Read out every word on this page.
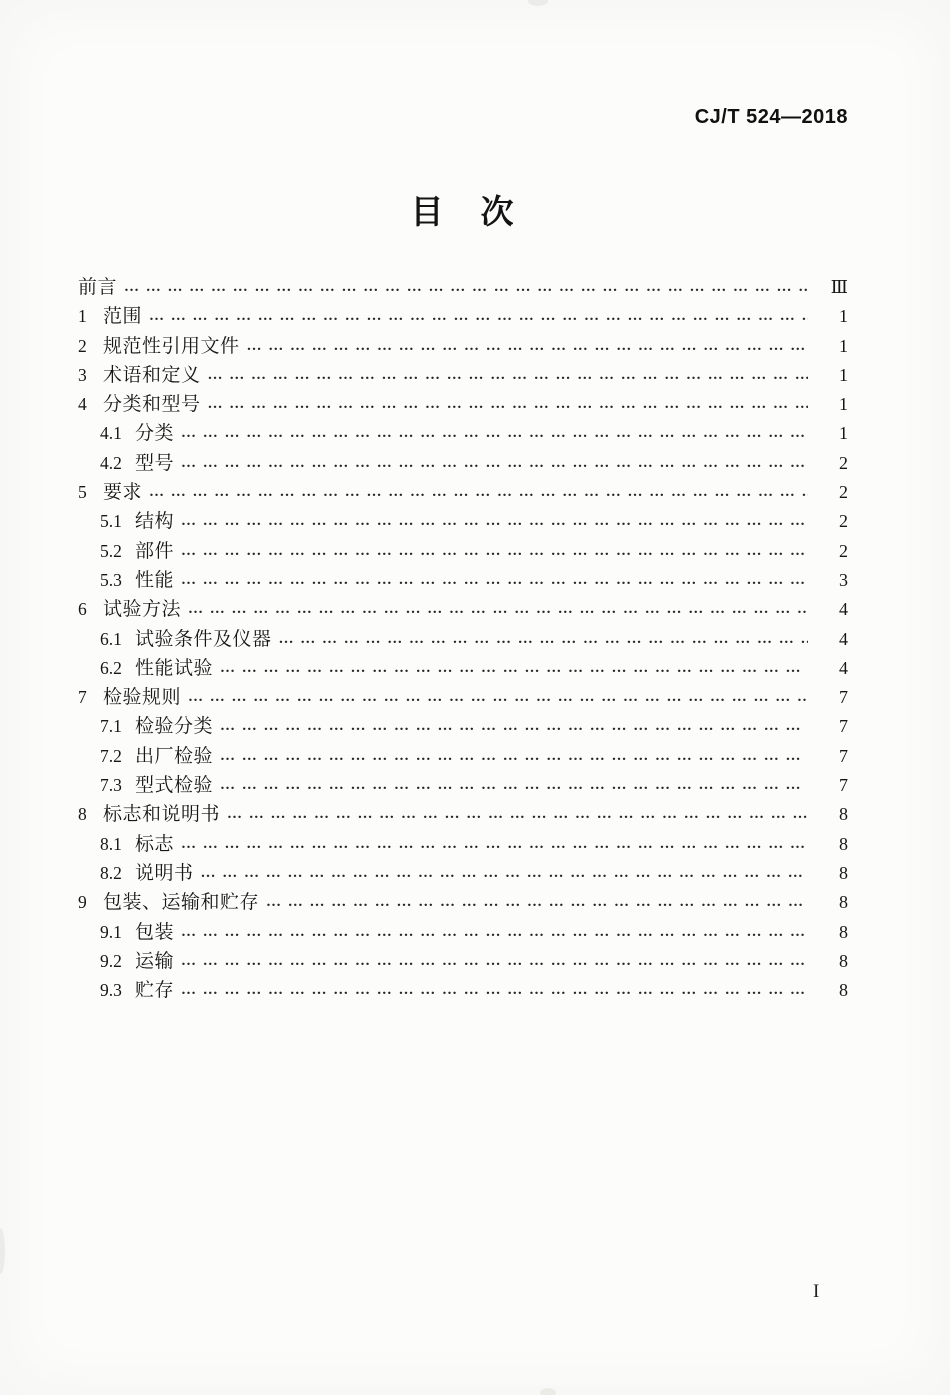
CJ/T 524—2018
目 次
前言 … … … … … … … … … … … … … … … … … … … … … … … … … … … … … … … … … … … … … … … … … … … … … … … … … … … … … … … … … … … …	Ⅲ
1 范围 … … … … … … … … … … … … … … … … … … … … … … … … … … … … … … … … … … … … … … … … … … … … … … … … … … … … … … … … … … … …	1
2 规范性引用文件 … … … … … … … … … … … … … … … … … … … … … … … … … … … … … … … … … … … … … … … … … … … … … … … … … … … … … … … … … … … …	1
3 术语和定义 … … … … … … … … … … … … … … … … … … … … … … … … … … … … … … … … … … … … … … … … … … … … … … … … … … … … … … … … … … … …	1
4 分类和型号 … … … … … … … … … … … … … … … … … … … … … … … … … … … … … … … … … … … … … … … … … … … … … … … … … … … … … … … … … … … …	1
4.1 分类 … … … … … … … … … … … … … … … … … … … … … … … … … … … … … … … … … … … … … … … … … … … … … … … … … … … … … … … … … … … …	1
4.2 型号 … … … … … … … … … … … … … … … … … … … … … … … … … … … … … … … … … … … … … … … … … … … … … … … … … … … … … … … … … … … …	2
5 要求 … … … … … … … … … … … … … … … … … … … … … … … … … … … … … … … … … … … … … … … … … … … … … … … … … … … … … … … … … … … …	2
5.1 结构 … … … … … … … … … … … … … … … … … … … … … … … … … … … … … … … … … … … … … … … … … … … … … … … … … … … … … … … … … … … …	2
5.2 部件 … … … … … … … … … … … … … … … … … … … … … … … … … … … … … … … … … … … … … … … … … … … … … … … … … … … … … … … … … … … …	2
5.3 性能 … … … … … … … … … … … … … … … … … … … … … … … … … … … … … … … … … … … … … … … … … … … … … … … … … … … … … … … … … … … …	3
6 试验方法 … … … … … … … … … … … … … … … … … … … … … … … … … … … … … … … … … … … … … … … … … … … … … … … … … … … … … … … … … … … …	4
6.1 试验条件及仪器 … … … … … … … … … … … … … … … … … … … … … … … … … … … … … … … … … … … … … … … … … … … … … … … … … … … … … … … … … … … …	4
6.2 性能试验 … … … … … … … … … … … … … … … … … … … … … … … … … … … … … … … … … … … … … … … … … … … … … … … … … … … … … … … … … … … …	4
7 检验规则 … … … … … … … … … … … … … … … … … … … … … … … … … … … … … … … … … … … … … … … … … … … … … … … … … … … … … … … … … … … …	7
7.1 检验分类 … … … … … … … … … … … … … … … … … … … … … … … … … … … … … … … … … … … … … … … … … … … … … … … … … … … … … … … … … … … …	7
7.2 出厂检验 … … … … … … … … … … … … … … … … … … … … … … … … … … … … … … … … … … … … … … … … … … … … … … … … … … … … … … … … … … … …	7
7.3 型式检验 … … … … … … … … … … … … … … … … … … … … … … … … … … … … … … … … … … … … … … … … … … … … … … … … … … … … … … … … … … … …	7
8 标志和说明书 … … … … … … … … … … … … … … … … … … … … … … … … … … … … … … … … … … … … … … … … … … … … … … … … … … … … … … … … … … … …	8
8.1 标志 … … … … … … … … … … … … … … … … … … … … … … … … … … … … … … … … … … … … … … … … … … … … … … … … … … … … … … … … … … … …	8
8.2 说明书 … … … … … … … … … … … … … … … … … … … … … … … … … … … … … … … … … … … … … … … … … … … … … … … … … … … … … … … … … … … …	8
9 包装、运输和贮存 … … … … … … … … … … … … … … … … … … … … … … … … … … … … … … … … … … … … … … … … … … … … … … … … … … … … … … … … … … … …	8
9.1 包装 … … … … … … … … … … … … … … … … … … … … … … … … … … … … … … … … … … … … … … … … … … … … … … … … … … … … … … … … … … … …	8
9.2 运输 … … … … … … … … … … … … … … … … … … … … … … … … … … … … … … … … … … … … … … … … … … … … … … … … … … … … … … … … … … … …	8
9.3 贮存 … … … … … … … … … … … … … … … … … … … … … … … … … … … … … … … … … … … … … … … … … … … … … … … … … … … … … … … … … … … …	8
I
